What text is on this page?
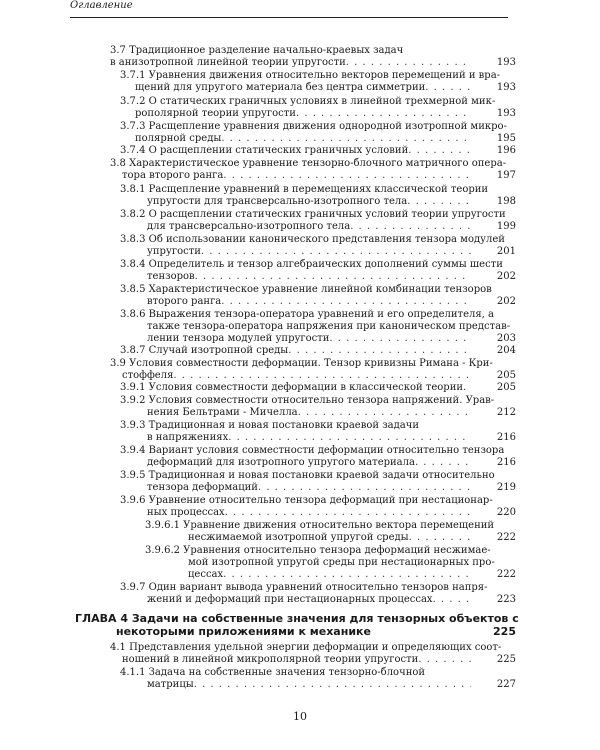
Оглавление
3.7 Традиционное разделение начально-краевых задач
в анизотропной линейной теории упругости . . .	193
3.7.1 Уравнения движения относительно векторов перемещений и вра-
щений для упругого материала без центра симметрии . . .	193
3.7.2 О статических граничных условиях в линейной трехмерной мик-
рополярной теории упругости . . .	193
3.7.3 Расщепление уравнения движения однородной изотропной микро-
полярной среды . . .	195
3.7.4 О расщеплении статических граничных условий . . .	196
3.8 Характеристическое уравнение тензорно-блочного матричного опера-
тора второго ранга . . .	197
3.8.1 Расщепление уравнений в перемещениях классической теории
упругости для трансверсально-изотропного тела . . .	198
3.8.2 О расщеплении статических граничных условий теории упругости
для трансверсально-изотропного тела . . .	199
3.8.3 Об использовании канонического представления тензора модулей
упругости . . .	201
3.8.4 Определитель и тензор алгебраических дополнений суммы шести
тензоров . . .	202
3.8.5 Характеристическое уравнение линейной комбинации тензоров
второго ранга . . .	202
3.8.6 Выражения тензора-оператора уравнений и его определителя, а
также тензора-оператора напряжения при каноническом представ-
лении тензора модулей упругости . . .	203
3.8.7 Случай изотропной среды . . .	204
3.9 Условия совместности деформации. Тензор кривизны Римана - Кри-
стоффеля . . .	205
3.9.1 Условия совместности деформации в классической теории . . .	205
3.9.2 Условия совместности относительно тензора напряжений. Урав-
нения Бельтрами - Мичелла . . .	212
3.9.3 Традиционная и новая постановки краевой задачи
в напряжениях . . .	216
3.9.4 Вариант условия совместности деформации относительно тензора
деформаций для изотропного упругого материала . . .	216
3.9.5 Традиционная и новая постановки краевой задачи относительно
тензора деформаций . . .	219
3.9.6 Уравнение относительно тензора деформаций при нестационар-
ных процессах . . .	220
3.9.6.1 Уравнение движения относительно вектора перемещений
несжимаемой изотропной упругой среды . . .	222
3.9.6.2 Уравнения относительно тензора деформаций несжимае-
мой изотропной упругой среды при нестационарных про-
цессах . . .	222
3.9.7 Один вариант вывода уравнений относительно тензоров напря-
жений и деформаций при нестационарных процессах . . .	223
ГЛАВА 4 Задачи на собственные значения для тензорных объектов с
некоторыми приложениями к механике	225
4.1 Представления удельной энергии деформации и определяющих соот-
ношений в линейной микрополярной теории упругости . . .	225
4.1.1 Задача на собственные значения тензорно-блочной
матрицы . . .	227
10
